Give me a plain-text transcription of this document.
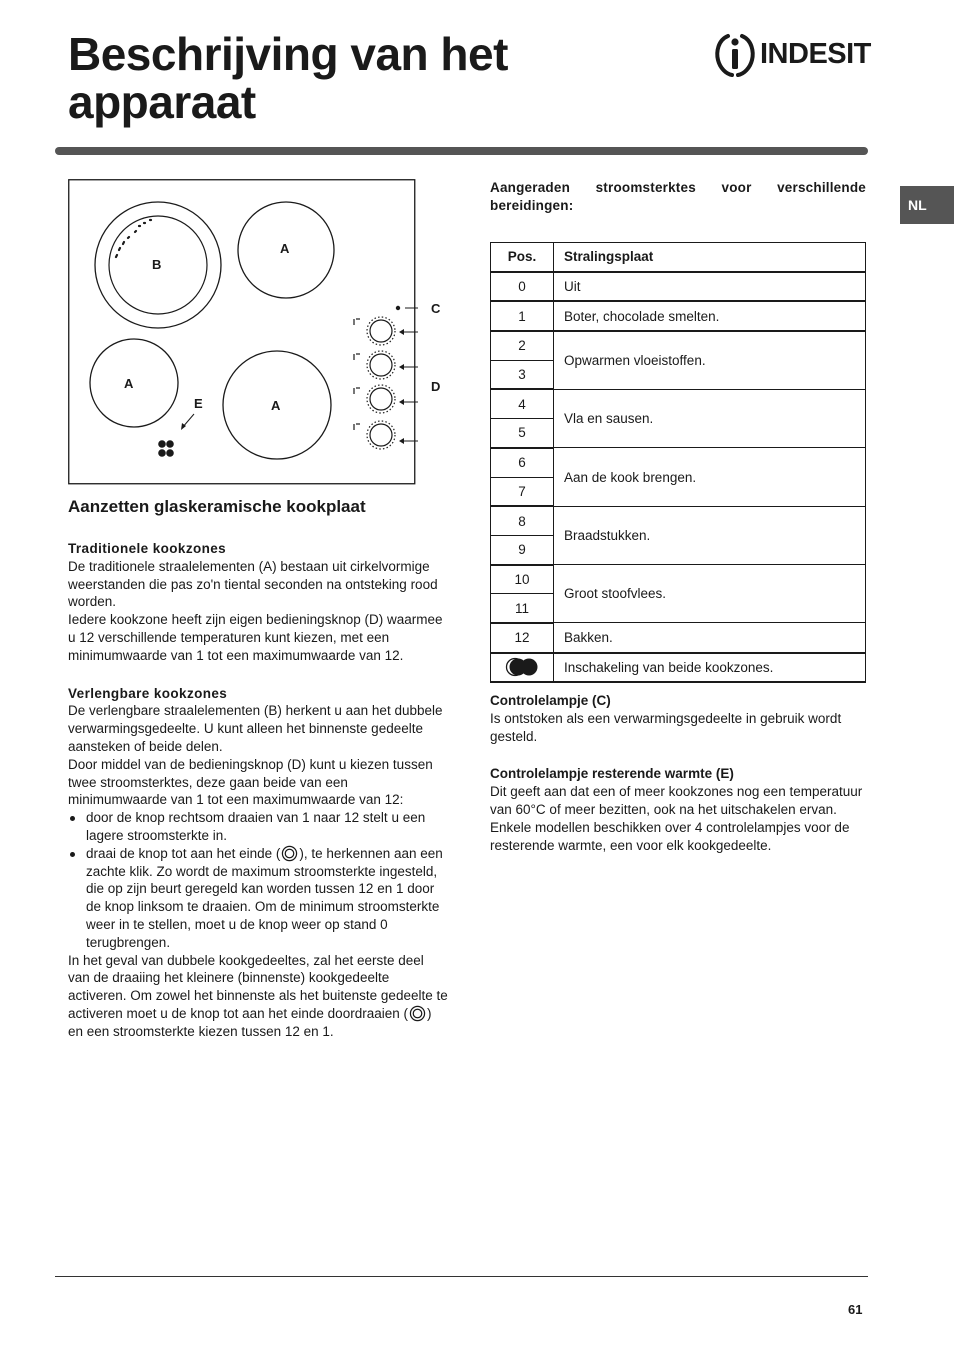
Beschrijving van het apparaat
INDESIT
NL
B
A
A
A
E
C
D
Aanzetten glaskeramische kookplaat

Traditionele kookzones

De traditionele straalelementen (A) bestaan uit cirkelvormige weerstanden die pas zo'n tiental seconden na ontsteking rood worden.

Iedere kookzone heeft zijn eigen bedieningsknop (D) waarmee u 12 verschillende temperaturen kunt kiezen, met een minimumwaarde van 1 tot een maximumwaarde van 12.

Verlengbare kookzones

De verlengbare straalelementen (B) herkent u aan het dubbele verwarmingsgedeelte. U kunt alleen het binnenste gedeelte aansteken of beide delen.

Door middel van de bedieningsknop (D) kunt u kiezen tussen twee stroomsterktes, deze gaan beide van een minimumwaarde van 1 tot een maximumwaarde van 12:

door de knop rechtsom draaien van 1 naar 12 stelt u een lagere stroomsterkte in.
draai de knop tot aan het einde ( ), te herkennen aan een zachte klik. Zo wordt de maximum stroomsterkte ingesteld, die op zijn beurt geregeld kan worden tussen 12 en 1 door de knop linksom te draaien. Om de minimum stroomsterkte weer in te stellen, moet u de knop weer op stand 0 terugbrengen.

In het geval van dubbele kookgedeeltes, zal het eerste deel van de draaiing het kleinere (binnenste) kookgedeelte activeren. Om zowel het binnenste als het buitenste gedeelte te activeren moet u de knop tot aan het einde doordraaien ( ) en een stroomsterkte kiezen tussen 12 en 1.

Aangeraden stroomsterktes voor verschillende bereidingen:

Pos.	Stralingsplaat
0	Uit
1	Boter, chocolade smelten.
2	Opwarmen vloeistoffen.
3	
4	Vla en sausen.
5	
6	Aan de kook brengen.
7	
8	Braadstukken.
9	
10	Groot stoofvlees.
11	
12	Bakken.
	Inschakeling van beide kookzones.

Controlelampje (C)

Is ontstoken als een verwarmingsgedeelte in gebruik wordt gesteld.

Controlelampje resterende warmte (E)

Dit geeft aan dat een of meer kookzones nog een temperatuur van 60°C of meer bezitten, ook na het uitschakelen ervan. Enkele modellen beschikken over 4 controlelampjes voor de resterende warmte, een voor elk kookgedeelte.

61
